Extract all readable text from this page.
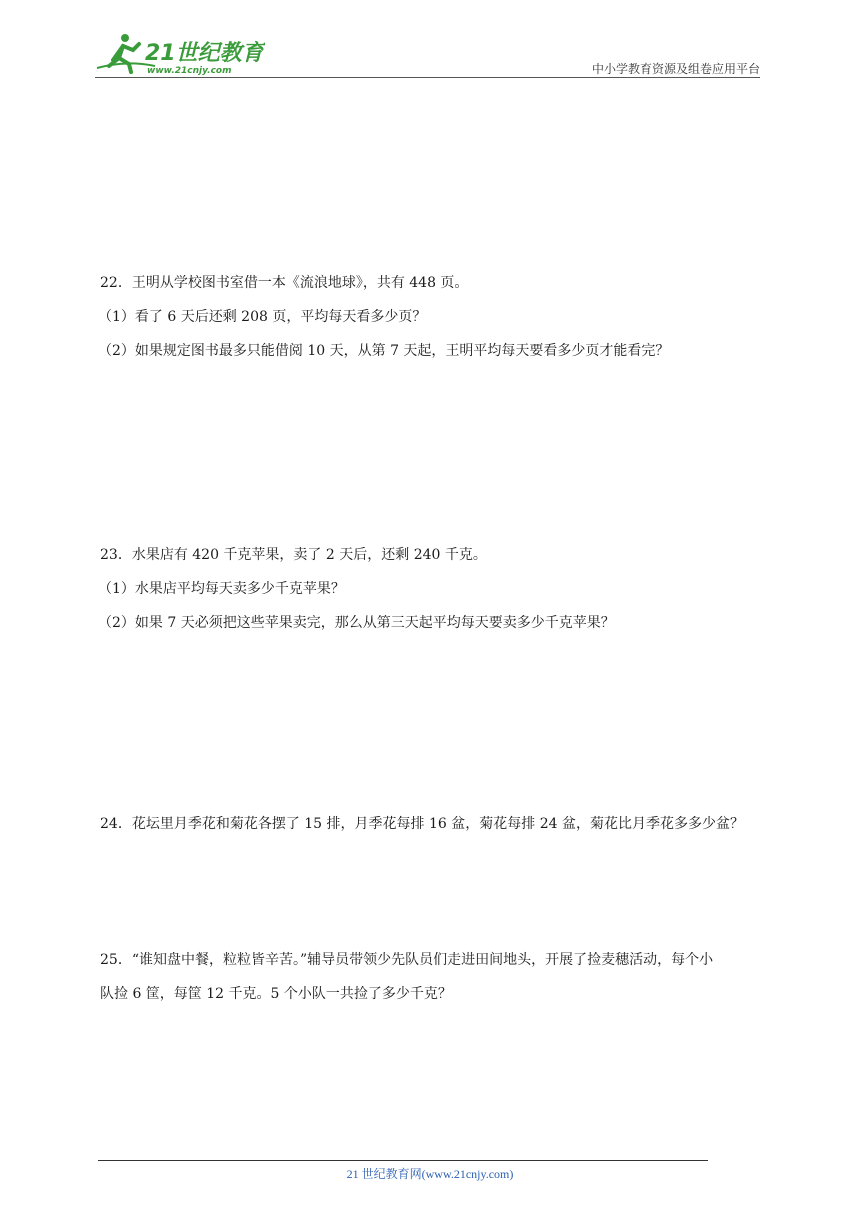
21世纪教育
www.21cnjy.com	中小学教育资源及组卷应用平台
22．王明从学校图书室借一本《流浪地球》，共有 448 页。
（1）看了 6 天后还剩 208 页，平均每天看多少页？
（2）如果规定图书最多只能借阅 10 天，从第 7 天起，王明平均每天要看多少页才能看完？
23．水果店有 420 千克苹果，卖了 2 天后，还剩 240 千克。
（1）水果店平均每天卖多少千克苹果？
（2）如果 7 天必须把这些苹果卖完，那么从第三天起平均每天要卖多少千克苹果？
24．花坛里月季花和菊花各摆了 15 排，月季花每排 16 盆，菊花每排 24 盆，菊花比月季花多多少盆？
25．“谁知盘中餐，粒粒皆辛苦。”辅导员带领少先队员们走进田间地头，开展了捡麦穗活动，每个小
队捡 6 筐，每筐 12 千克。5 个小队一共捡了多少千克？
21 世纪教育网(www.21cnjy.com)
